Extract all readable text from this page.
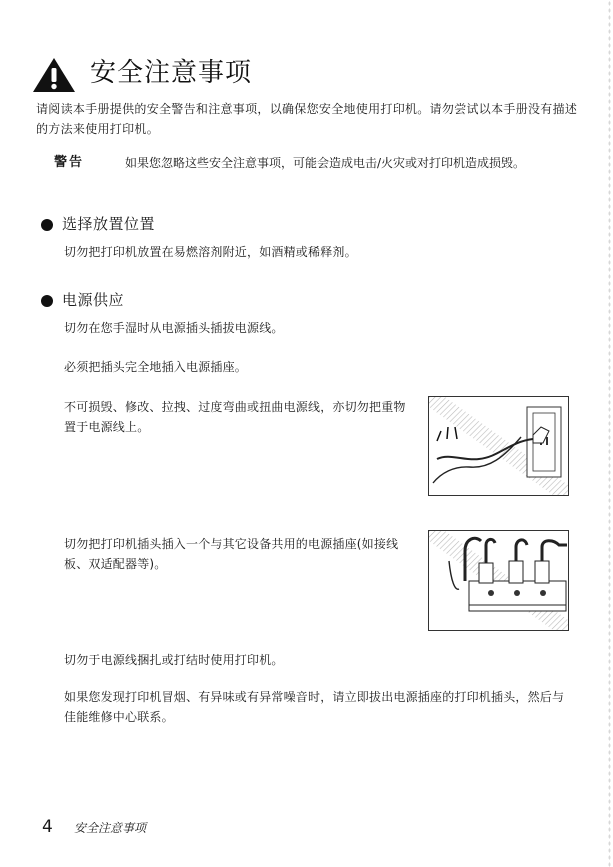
安全注意事项
请阅读本手册提供的安全警告和注意事项，以确保您安全地使用打印机。请勿尝试以本手册没有描述的方法来使用打印机。
警告	如果您忽略这些安全注意事项，可能会造成电击/火灾或对打印机造成损毁。
选择放置位置
切勿把打印机放置在易燃溶剂附近，如酒精或稀释剂。
电源供应
切勿在您手湿时从电源插头插拔电源线。
必须把插头完全地插入电源插座。
不可损毁、修改、拉拽、过度弯曲或扭曲电源线，亦切勿把重物置于电源线上。
切勿把打印机插头插入一个与其它设备共用的电源插座(如接线板、双适配器等)。
切勿于电源线捆扎或打结时使用打印机。
如果您发现打印机冒烟、有异味或有异常噪音时，请立即拔出电源插座的打印机插头，然后与佳能维修中心联系。
4 安全注意事项
